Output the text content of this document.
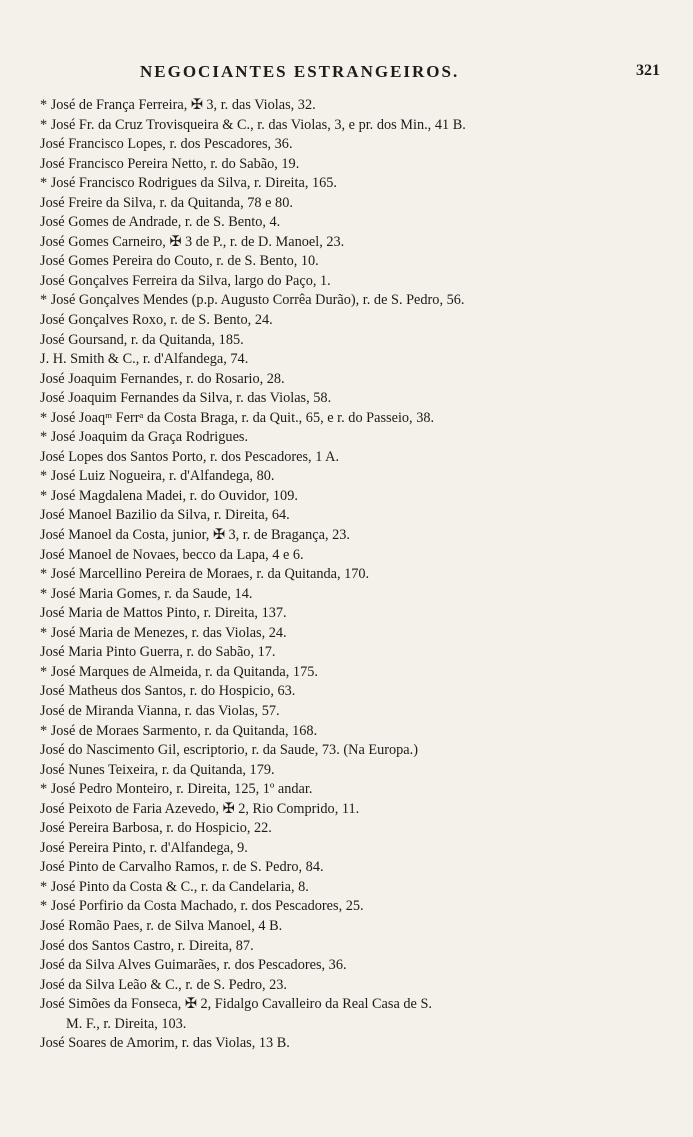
NEGOCIANTES ESTRANGEIROS.	321
* José de França Ferreira, ✠ 3, r. das Violas, 32.
* José Fr. da Cruz Trovisqueira & C., r. das Violas, 3, e pr. dos Min., 41 B.
José Francisco Lopes, r. dos Pescadores, 36.
José Francisco Pereira Netto, r. do Sabão, 19.
* José Francisco Rodrigues da Silva, r. Direita, 165.
José Freire da Silva, r. da Quitanda, 78 e 80.
José Gomes de Andrade, r. de S. Bento, 4.
José Gomes Carneiro, ✠ 3 de P., r. de D. Manoel, 23.
José Gomes Pereira do Couto, r. de S. Bento, 10.
José Gonçalves Ferreira da Silva, largo do Paço, 1.
* José Gonçalves Mendes (p.p. Augusto Corrêa Durão), r. de S. Pedro, 56.
José Gonçalves Roxo, r. de S. Bento, 24.
José Goursand, r. da Quitanda, 185.
J. H. Smith & C., r. d'Alfandega, 74.
José Joaquim Fernandes, r. do Rosario, 28.
José Joaquim Fernandes da Silva, r. das Violas, 58.
* José Joaqᵐ Ferrᵃ da Costa Braga, r. da Quit., 65, e r. do Passeio, 38.
* José Joaquim da Graça Rodrigues.
José Lopes dos Santos Porto, r. dos Pescadores, 1 A.
* José Luiz Nogueira, r. d'Alfandega, 80.
* José Magdalena Madei, r. do Ouvidor, 109.
José Manoel Bazilio da Silva, r. Direita, 64.
José Manoel da Costa, junior, ✠ 3, r. de Bragança, 23.
José Manoel de Novaes, becco da Lapa, 4 e 6.
* José Marcellino Pereira de Moraes, r. da Quitanda, 170.
* José Maria Gomes, r. da Saude, 14.
José Maria de Mattos Pinto, r. Direita, 137.
* José Maria de Menezes, r. das Violas, 24.
José Maria Pinto Guerra, r. do Sabão, 17.
* José Marques de Almeida, r. da Quitanda, 175.
José Matheus dos Santos, r. do Hospicio, 63.
José de Miranda Vianna, r. das Violas, 57.
* José de Moraes Sarmento, r. da Quitanda, 168.
José do Nascimento Gil, escriptorio, r. da Saude, 73. (Na Europa.)
José Nunes Teixeira, r. da Quitanda, 179.
* José Pedro Monteiro, r. Direita, 125, 1º andar.
José Peixoto de Faria Azevedo, ✠ 2, Rio Comprido, 11.
José Pereira Barbosa, r. do Hospicio, 22.
José Pereira Pinto, r. d'Alfandega, 9.
José Pinto de Carvalho Ramos, r. de S. Pedro, 84.
* José Pinto da Costa & C., r. da Candelaria, 8.
* José Porfirio da Costa Machado, r. dos Pescadores, 25.
José Romão Paes, r. de Silva Manoel, 4 B.
José dos Santos Castro, r. Direita, 87.
José da Silva Alves Guimarães, r. dos Pescadores, 36.
José da Silva Leão & C., r. de S. Pedro, 23.
José Simões da Fonseca, ✠ 2, Fidalgo Cavalleiro da Real Casa de S.
M. F., r. Direita, 103.
José Soares de Amorim, r. das Violas, 13 B.
